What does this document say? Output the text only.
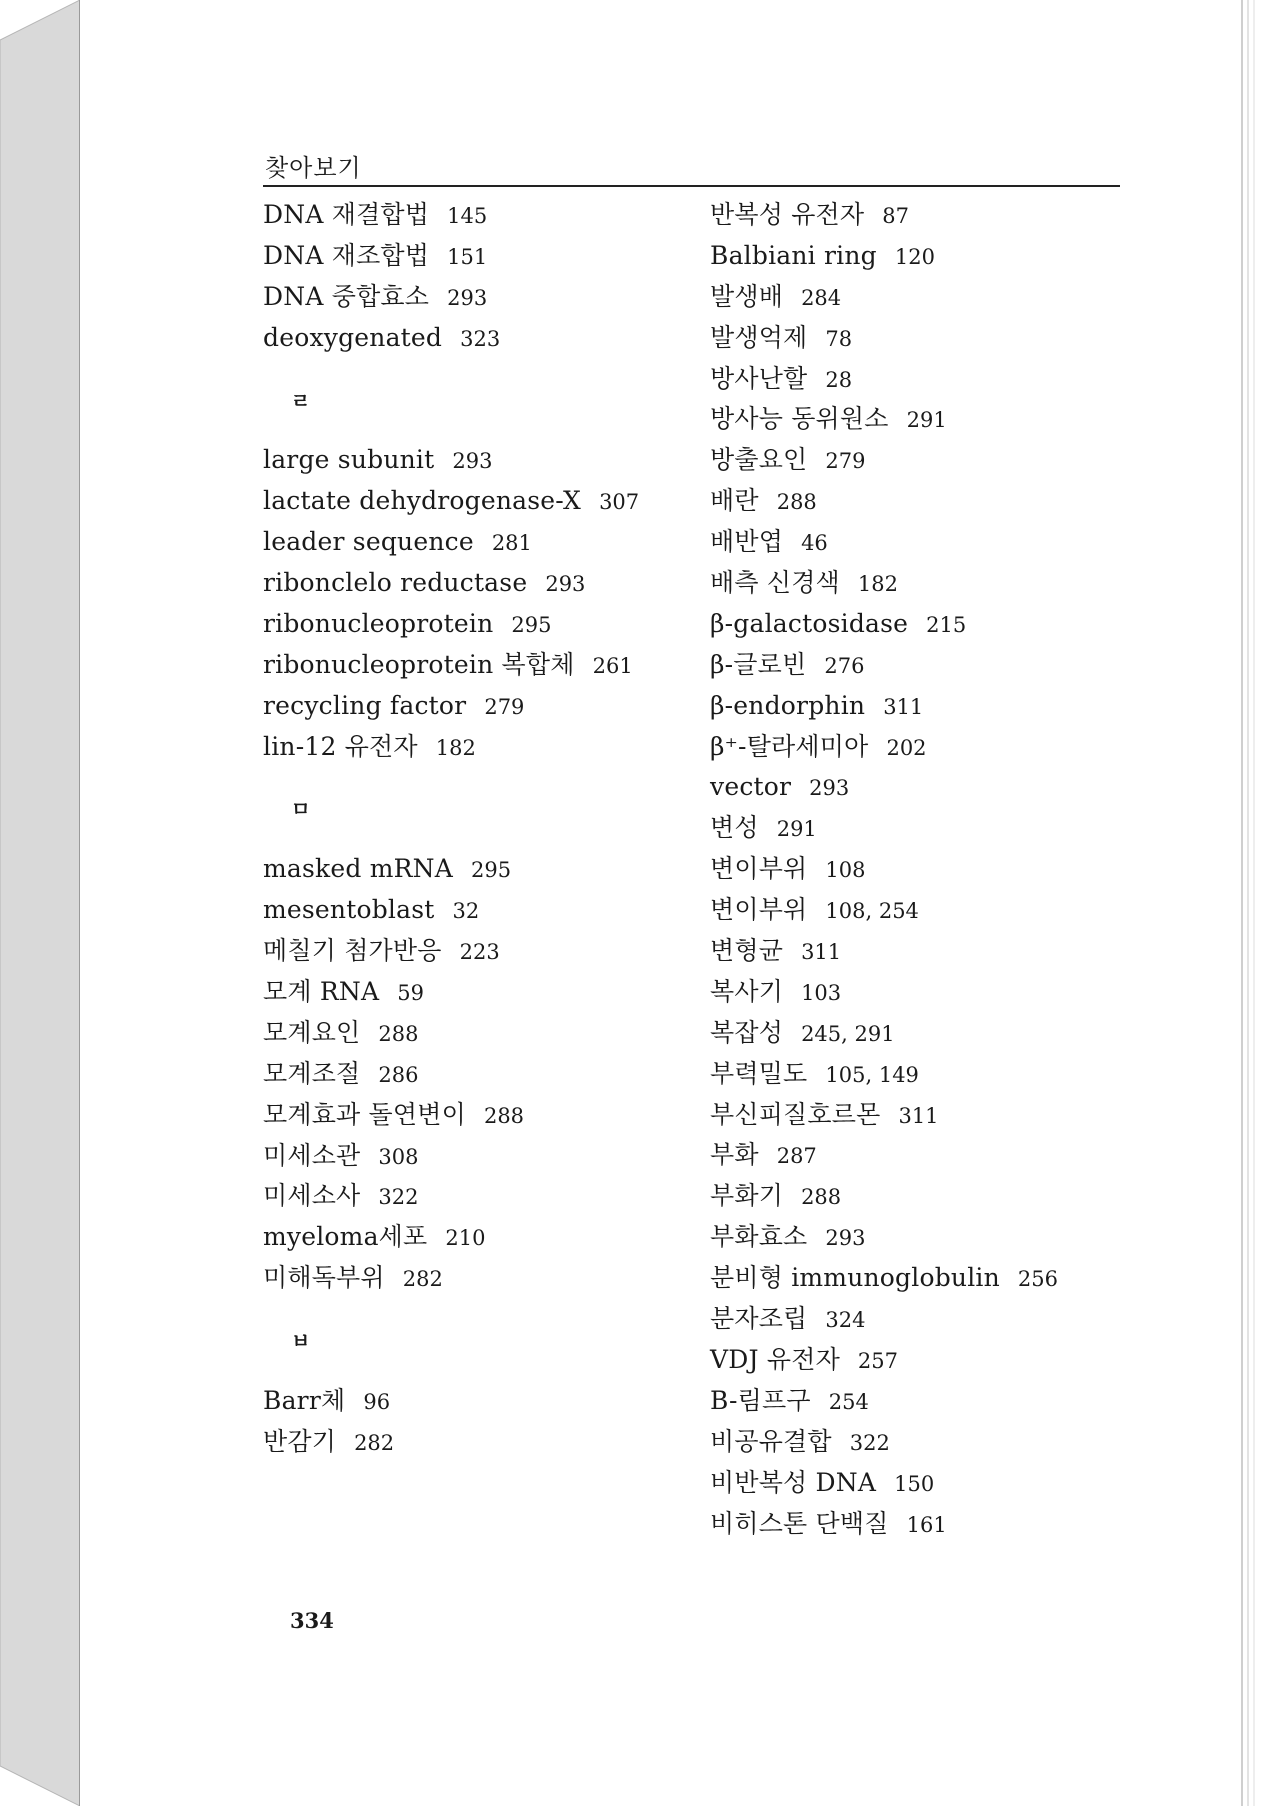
찾아보기
DNA 재결합법 145
DNA 재조합법 151
DNA 중합효소 293
deoxygenated 323
ㄹ
large subunit 293
lactate dehydrogenase-X 307
leader sequence 281
ribonclelo reductase 293
ribonucleoprotein 295
ribonucleoprotein 복합체 261
recycling factor 279
lin-12 유전자 182
ㅁ
masked mRNA 295
mesentoblast 32
메칠기 첨가반응 223
모계 RNA 59
모계요인 288
모계조절 286
모계효과 돌연변이 288
미세소관 308
미세소사 322
myeloma세포 210
미해독부위 282
ㅂ
Barr체 96
반감기 282
반복성 유전자 87
Balbiani ring 120
발생배 284
발생억제 78
방사난할 28
방사능 동위원소 291
방출요인 279
배란 288
배반엽 46
배측 신경색 182
β-galactosidase 215
β-글로빈 276
β-endorphin 311
β⁺-탈라세미아 202
vector 293
변성 291
변이부위 108
변이부위 108, 254
변형균 311
복사기 103
복잡성 245, 291
부력밀도 105, 149
부신피질호르몬 311
부화 287
부화기 288
부화효소 293
분비형 immunoglobulin 256
분자조립 324
VDJ 유전자 257
B-림프구 254
비공유결합 322
비반복성 DNA 150
비히스톤 단백질 161
334
